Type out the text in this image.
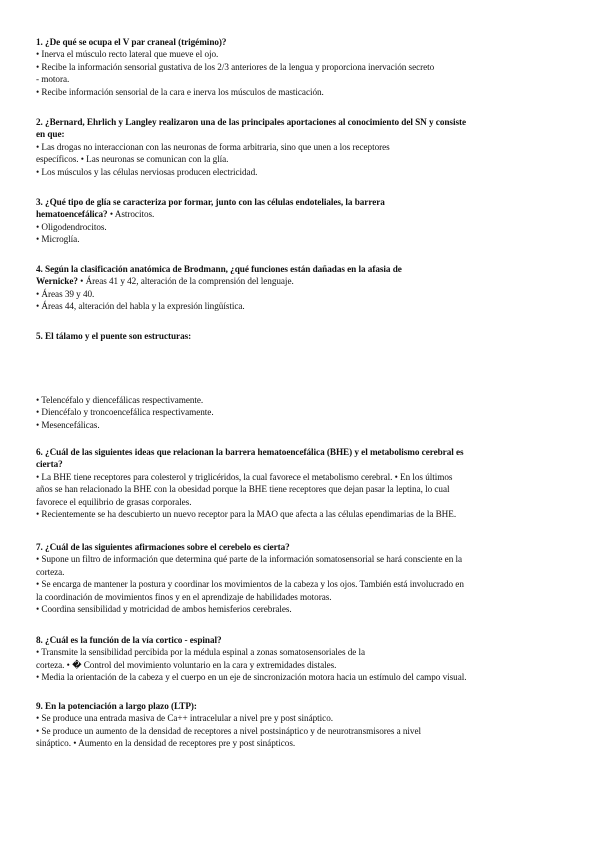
1. ¿De qué se ocupa el V par craneal (trigémino)?
• Inerva el músculo recto lateral que mueve el ojo.
• Recibe la información sensorial gustativa de los 2/3 anteriores de la lengua y proporciona inervación secreto
- motora.
• Recibe información sensorial de la cara e inerva los músculos de masticación.
2. ¿Bernard, Ehrlich y Langley realizaron una de las principales aportaciones al conocimiento del SN y consiste
en que:
• Las drogas no interaccionan con las neuronas de forma arbitraria, sino que unen a los receptores
específicos. • Las neuronas se comunican con la glía.
• Los músculos y las células nerviosas producen electricidad.
3. ¿Qué tipo de glía se caracteriza por formar, junto con las células endoteliales, la barrera
hematoencefálica? • Astrocitos.
• Oligodendrocitos.
• Microglía.
4. Según la clasificación anatómica de Brodmann, ¿qué funciones están dañadas en la afasia de
Wernicke? • Áreas 41 y 42, alteración de la comprensión del lenguaje.
• Áreas 39 y 40.
• Áreas 44, alteración del habla y la expresión lingüística.
5. El tálamo y el puente son estructuras:
• Telencéfalo y diencefálicas respectivamente.
• Diencéfalo y troncoencefálica respectivamente.
• Mesencefálicas.
6. ¿Cuál de las siguientes ideas que relacionan la barrera hematoencefálica (BHE) y el metabolismo cerebral es
cierta?
• La BHE tiene receptores para colesterol y triglicéridos, la cual favorece el metabolismo cerebral. • En los últimos
años se han relacionado la BHE con la obesidad porque la BHE tiene receptores que dejan pasar la leptina, lo cual
favorece el equilibrio de grasas corporales.
• Recientemente se ha descubierto un nuevo receptor para la MAO que afecta a las células ependimarias de la BHE.
7. ¿Cuál de las siguientes afirmaciones sobre el cerebelo es cierta?
• Supone un filtro de información que determina qué parte de la información somatosensorial se hará consciente en la
corteza.
• Se encarga de mantener la postura y coordinar los movimientos de la cabeza y los ojos. También está involucrado en
la coordinación de movimientos finos y en el aprendizaje de habilidades motoras.
• Coordina sensibilidad y motricidad de ambos hemisferios cerebrales.
8. ¿Cuál es la función de la vía cortico - espinal?
• Transmite la sensibilidad percibida por la médula espinal a zonas somatosensoriales de la
corteza. • � Control del movimiento voluntario en la cara y extremidades distales.
• Media la orientación de la cabeza y el cuerpo en un eje de sincronización motora hacia un estímulo del campo visual.
9. En la potenciación a largo plazo (LTP):
• Se produce una entrada masiva de Ca++ intracelular a nivel pre y post sináptico.
• Se produce un aumento de la densidad de receptores a nivel postsináptico y de neurotransmisores a nivel
sináptico. • Aumento en la densidad de receptores pre y post sinápticos.
